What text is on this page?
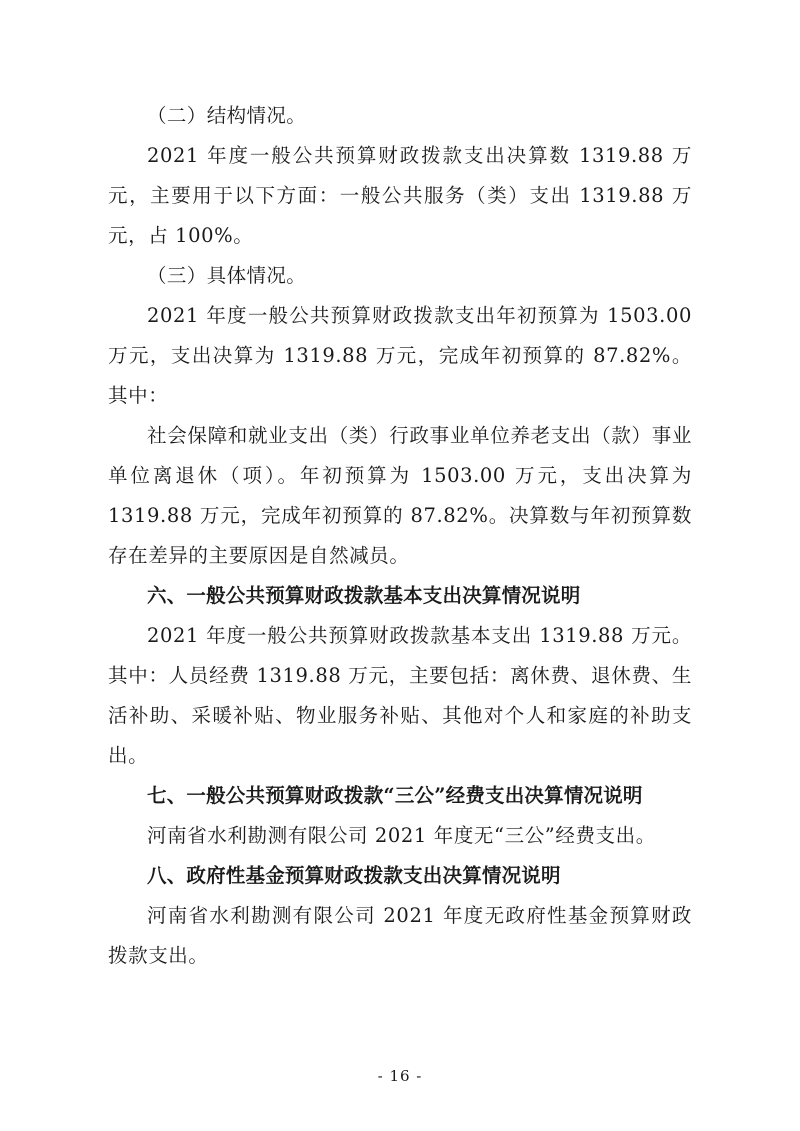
（二）结构情况。

2021 年度一般公共预算财政拨款支出决算数 1319.88 万元，主要用于以下方面：一般公共服务（类）支出 1319.88 万元，占 100%。

（三）具体情况。

2021 年度一般公共预算财政拨款支出年初预算为 1503.00 万元，支出决算为 1319.88 万元，完成年初预算的 87.82%。其中：

社会保障和就业支出（类）行政事业单位养老支出（款）事业单位离退休（项）。年初预算为 1503.00 万元，支出决算为 1319.88 万元，完成年初预算的 87.82%。决算数与年初预算数存在差异的主要原因是自然减员。

六、一般公共预算财政拨款基本支出决算情况说明

2021 年度一般公共预算财政拨款基本支出 1319.88 万元。其中：人员经费 1319.88 万元，主要包括：离休费、退休费、生活补助、采暖补贴、物业服务补贴、其他对个人和家庭的补助支出。

七、一般公共预算财政拨款“三公”经费支出决算情况说明

河南省水利勘测有限公司 2021 年度无“三公”经费支出。

八、政府性基金预算财政拨款支出决算情况说明

河南省水利勘测有限公司 2021 年度无政府性基金预算财政拨款支出。

- 16 -
